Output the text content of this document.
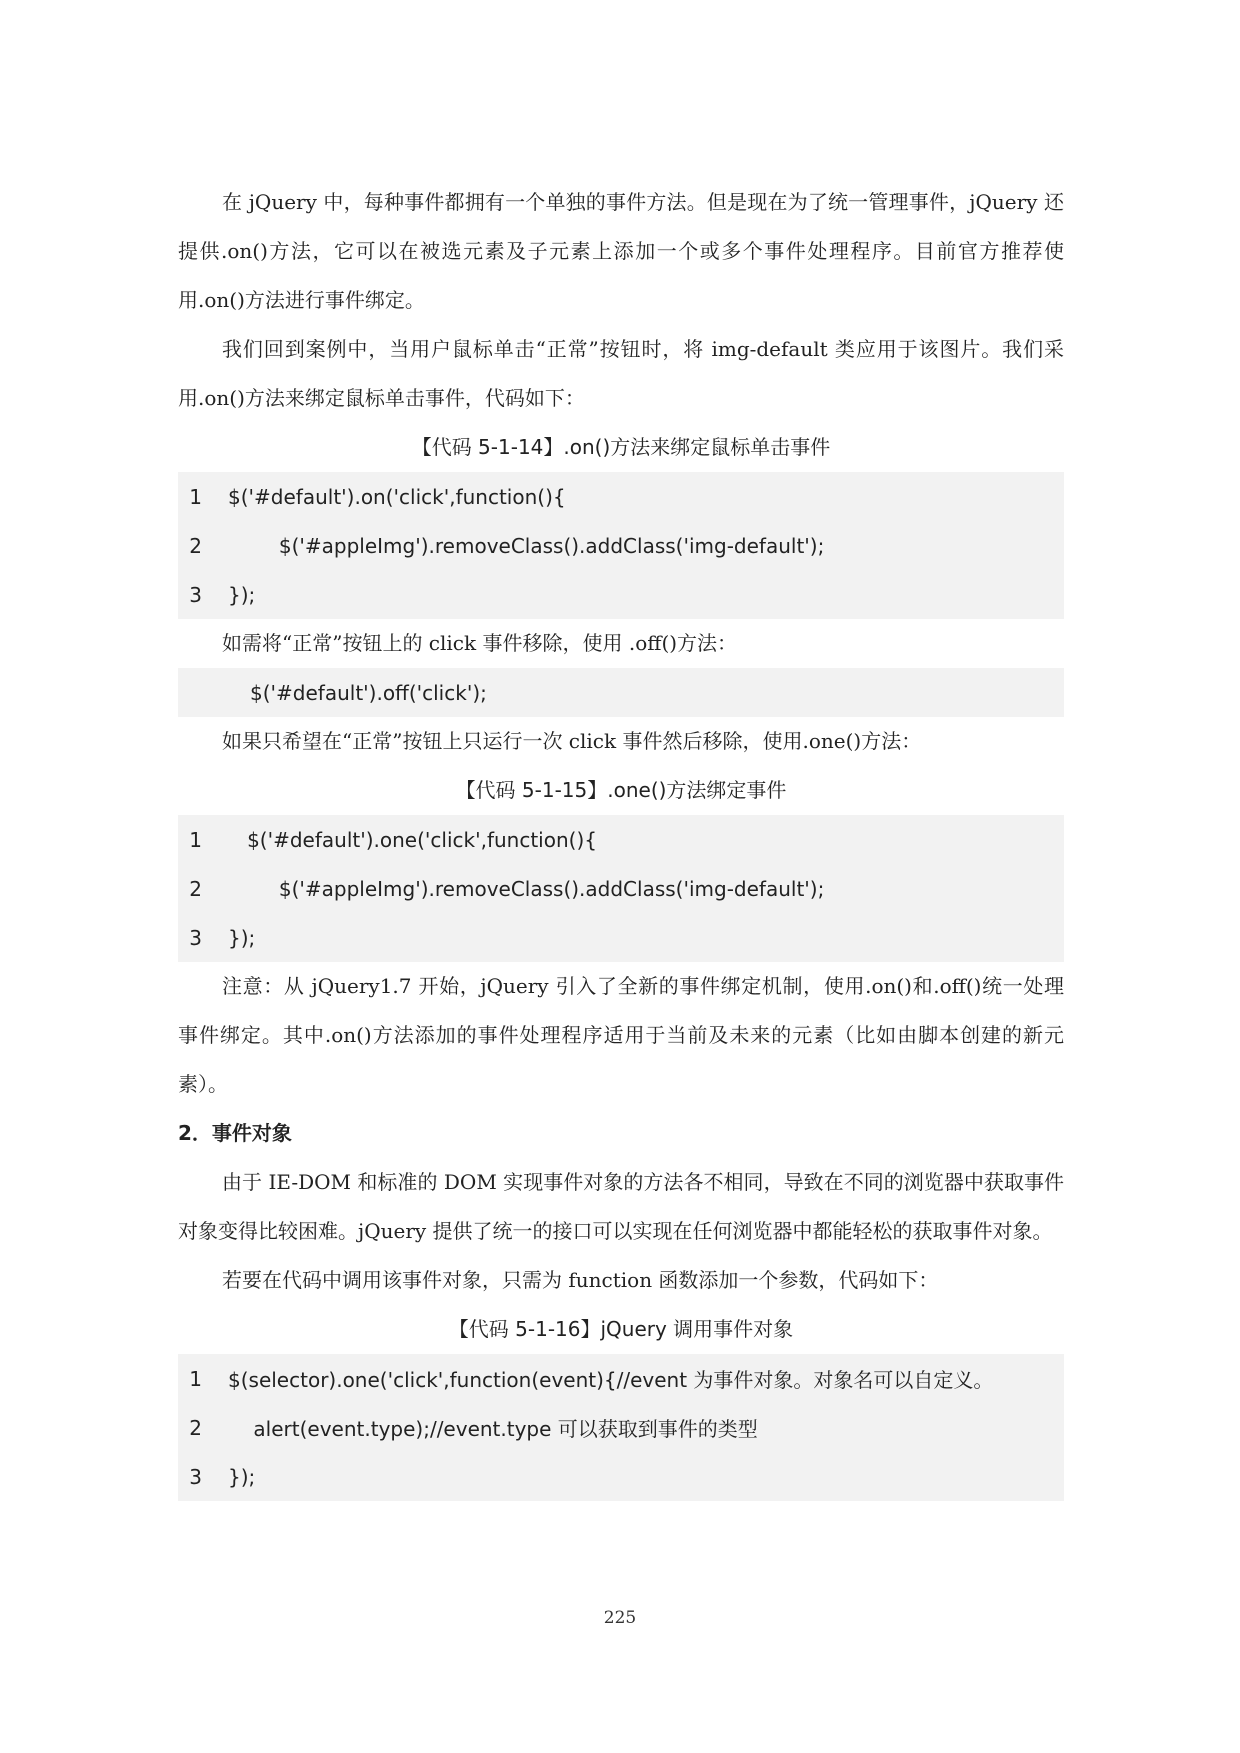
在 jQuery 中，每种事件都拥有一个单独的事件方法。但是现在为了统一管理事件，jQuery 还提供.on()方法，它可以在被选元素及子元素上添加一个或多个事件处理程序。目前官方推荐使用.on()方法进行事件绑定。

我们回到案例中，当用户鼠标单击“正常”按钮时，将 img-default 类应用于该图片。我们采用.on()方法来绑定鼠标单击事件，代码如下：

【代码 5-1-14】.on()方法来绑定鼠标单击事件

1	$('#default').on('click',function(){
2	$('#appleImg').removeClass().addClass('img-default');
3	});

如需将“正常”按钮上的 click 事件移除，使用 .off()方法：

$('#default').off('click');

如果只希望在“正常”按钮上只运行一次 click 事件然后移除，使用.one()方法：

【代码 5-1-15】.one()方法绑定事件

1	$('#default').one('click',function(){
2	$('#appleImg').removeClass().addClass('img-default');
3	});

注意：从 jQuery1.7 开始，jQuery 引入了全新的事件绑定机制，使用.on()和.off()统一处理事件绑定。其中.on()方法添加的事件处理程序适用于当前及未来的元素（比如由脚本创建的新元素）。

2．事件对象

由于 IE-DOM 和标准的 DOM 实现事件对象的方法各不相同，导致在不同的浏览器中获取事件对象变得比较困难。jQuery 提供了统一的接口可以实现在任何浏览器中都能轻松的获取事件对象。

若要在代码中调用该事件对象，只需为 function 函数添加一个参数，代码如下：

【代码 5-1-16】jQuery 调用事件对象

1	$(selector).one('click',function(event){//event 为事件对象。对象名可以自定义。
2	alert(event.type);//event.type 可以获取到事件的类型
3	});
225
